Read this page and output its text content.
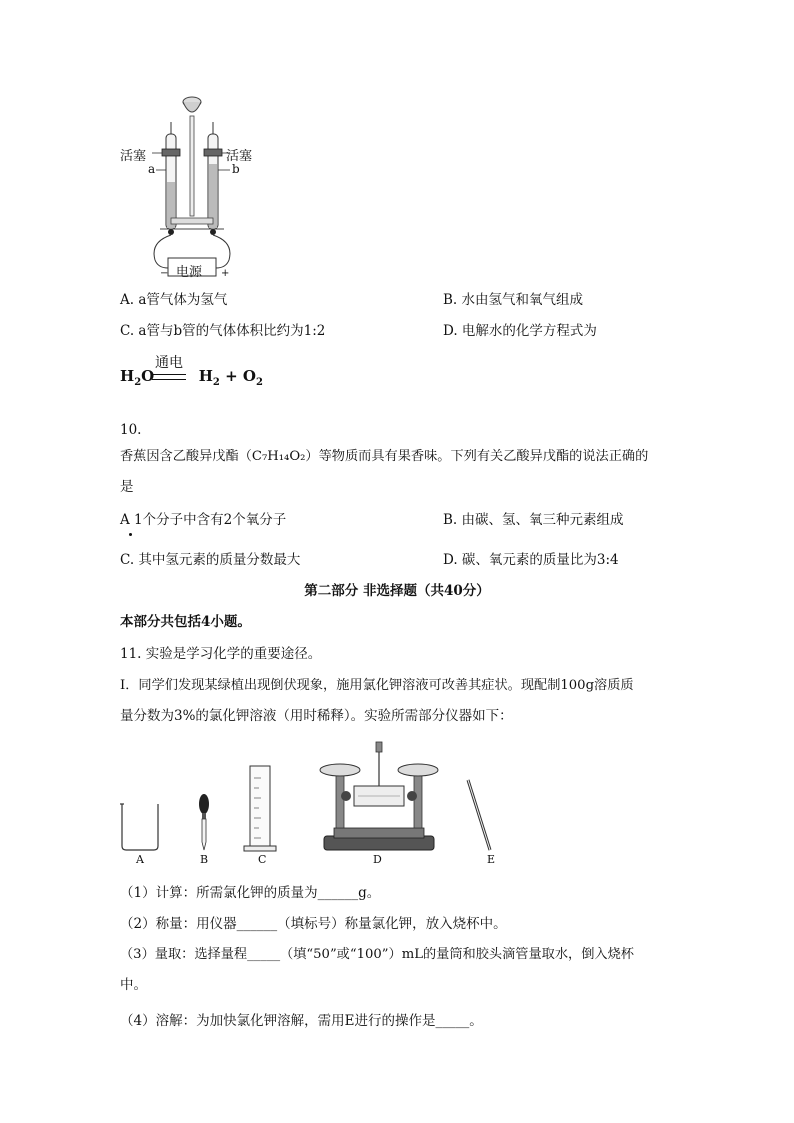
活塞	活塞
a	b
电源
−	+
A. a管气体为氢气	B. 水由氢气和氧气组成
C. a管与b管的气体体积比约为1:2	D. 电解水的化学方程式为
通电
$H_2O$	$H_2 + O_2$
10.
香蕉因含乙酸异戊酯（C₇H₁₄O₂）等物质而具有果香味。下列有关乙酸异戊酯的说法正确的
是
A 1个分子中含有2个氧分子	B. 由碳、氢、氧三种元素组成
C. 其中氢元素的质量分数最大	D. 碳、氧元素的质量比为3:4
第二部分 非选择题（共40分）
本部分共包括4小题。
11. 实验是学习化学的重要途径。
Ⅰ．同学们发现某绿植出现倒伏现象，施用氯化钾溶液可改善其症状。现配制100g溶质质
量分数为3%的氯化钾溶液（用时稀释）。实验所需部分仪器如下：
A	B	C	D	E
（1）计算：所需氯化钾的质量为______g。
（2）称量：用仪器______（填标号）称量氯化钾，放入烧杯中。
（3）量取：选择量程_____（填“50”或“100”）mL的量筒和胶头滴管量取水，倒入烧杯
中。
（4）溶解：为加快氯化钾溶解，需用E进行的操作是_____。
